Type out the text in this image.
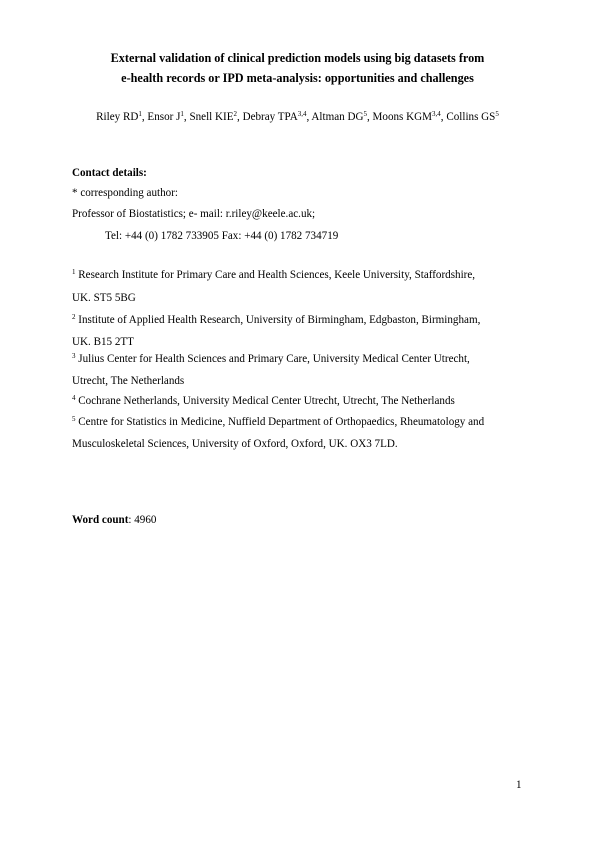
External validation of clinical prediction models using big datasets from
e-health records or IPD meta-analysis: opportunities and challenges
Riley $RD^1$, Ensor $J^1$, Snell KIE$^2$, Debray TPA$^{3,4}$, Altman $DG^5$, Moons KGM$^{3,4}$, Collins $GS^5$
Contact details:
* corresponding author:
Professor of Biostatistics; e- mail: r.riley@keele.ac.uk;
Tel: +44 (0) 1782 733905 Fax: +44 (0) 1782 734719
$^1$ Research Institute for Primary Care and Health Sciences, Keele University, Staffordshire,
UK. ST5 5BG
$^2$ Institute of Applied Health Research, University of Birmingham, Edgbaston, Birmingham,
UK. B15 2TT
$^3$ Julius Center for Health Sciences and Primary Care, University Medical Center Utrecht,
Utrecht, The Netherlands
$^4$ Cochrane Netherlands, University Medical Center Utrecht, Utrecht, The Netherlands
$^5$ Centre for Statistics in Medicine, Nuffield Department of Orthopaedics, Rheumatology and
Musculoskeletal Sciences, University of Oxford, Oxford, UK. OX3 7LD.
Word count: 4960
1
